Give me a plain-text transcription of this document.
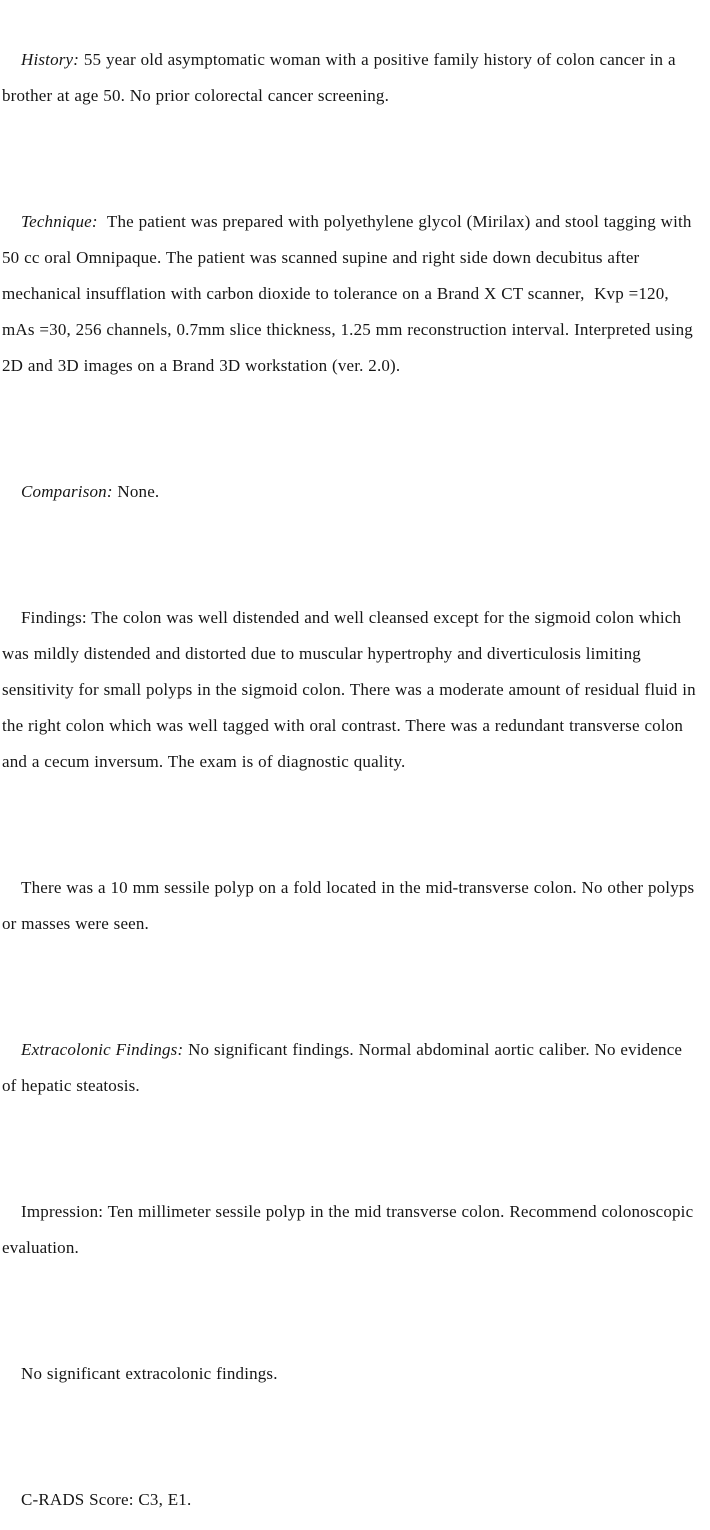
History: 55 year old asymptomatic woman with a positive family history of colon cancer in a brother at age 50. No prior colorectal cancer screening.

Technique: The patient was prepared with polyethylene glycol (Mirilax) and stool tagging with 50 cc oral Omnipaque. The patient was scanned supine and right side down decubitus after mechanical insufflation with carbon dioxide to tolerance on a Brand X CT scanner,  Kvp =120, mAs =30, 256 channels, 0.7mm slice thickness, 1.25 mm reconstruction interval. Interpreted using 2D and 3D images on a Brand 3D workstation (ver. 2.0).

Comparison: None.

Findings: The colon was well distended and well cleansed except for the sigmoid colon which was mildly distended and distorted due to muscular hypertrophy and diverticulosis limiting sensitivity for small polyps in the sigmoid colon. There was a moderate amount of residual fluid in the right colon which was well tagged with oral contrast. There was a redundant transverse colon and a cecum inversum. The exam is of diagnostic quality.

There was a 10 mm sessile polyp on a fold located in the mid-transverse colon. No other polyps or masses were seen.

Extracolonic Findings: No significant findings. Normal abdominal aortic caliber. No evidence of hepatic steatosis.

Impression: Ten millimeter sessile polyp in the mid transverse colon. Recommend colonoscopic evaluation.

No significant extracolonic findings.

C-RADS Score: C3, E1.
